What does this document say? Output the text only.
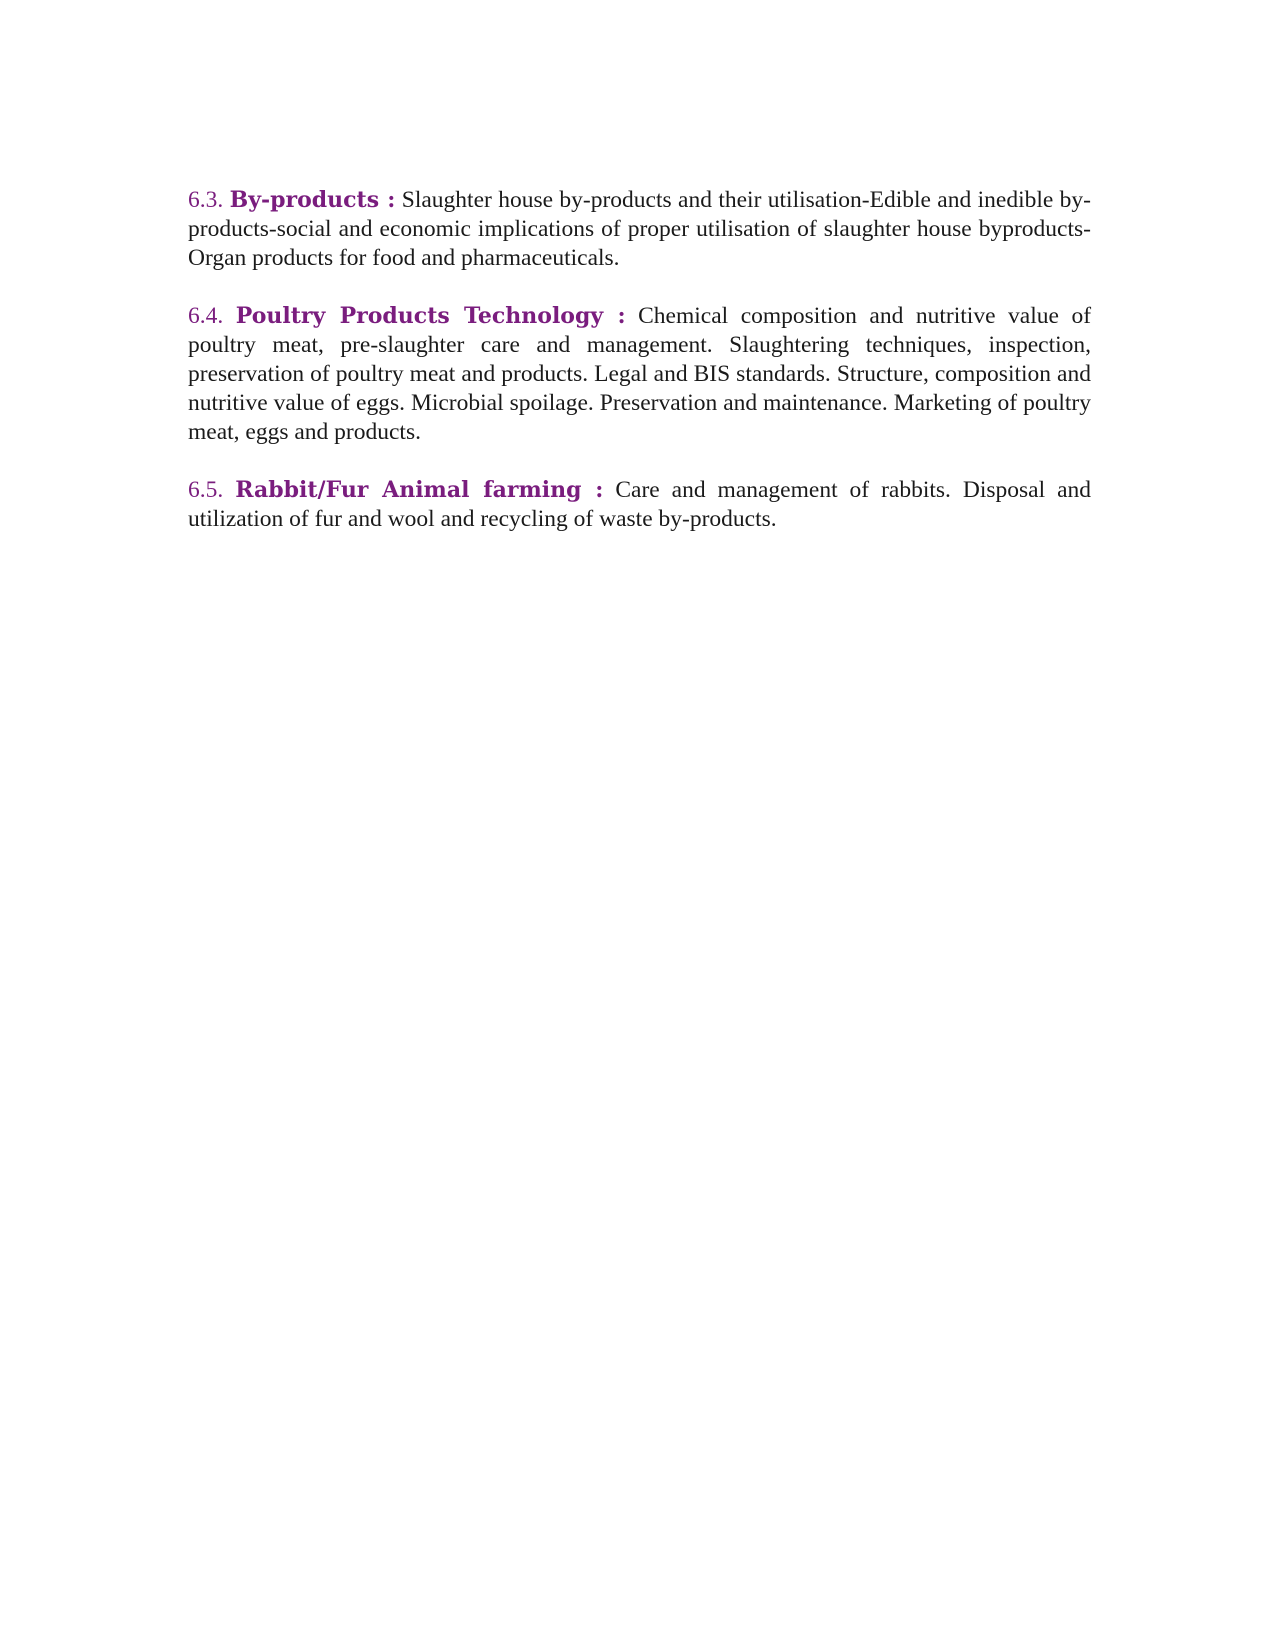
6.3. By-products : Slaughter house by-products and their utilisation-Edible and inedible by-products-social and economic implications of proper utilisation of slaughter house byproducts- Organ products for food and pharmaceuticals.

6.4. Poultry Products Technology : Chemical composition and nutritive value of poultry meat, pre-slaughter care and management. Slaughtering techniques, inspection, preservation of poultry meat and products. Legal and BIS standards. Structure, composition and nutritive value of eggs. Microbial spoilage. Preservation and maintenance. Marketing of poultry meat, eggs and products.

6.5. Rabbit/Fur Animal farming : Care and management of rabbits. Disposal and utilization of fur and wool and recycling of waste by-products.
